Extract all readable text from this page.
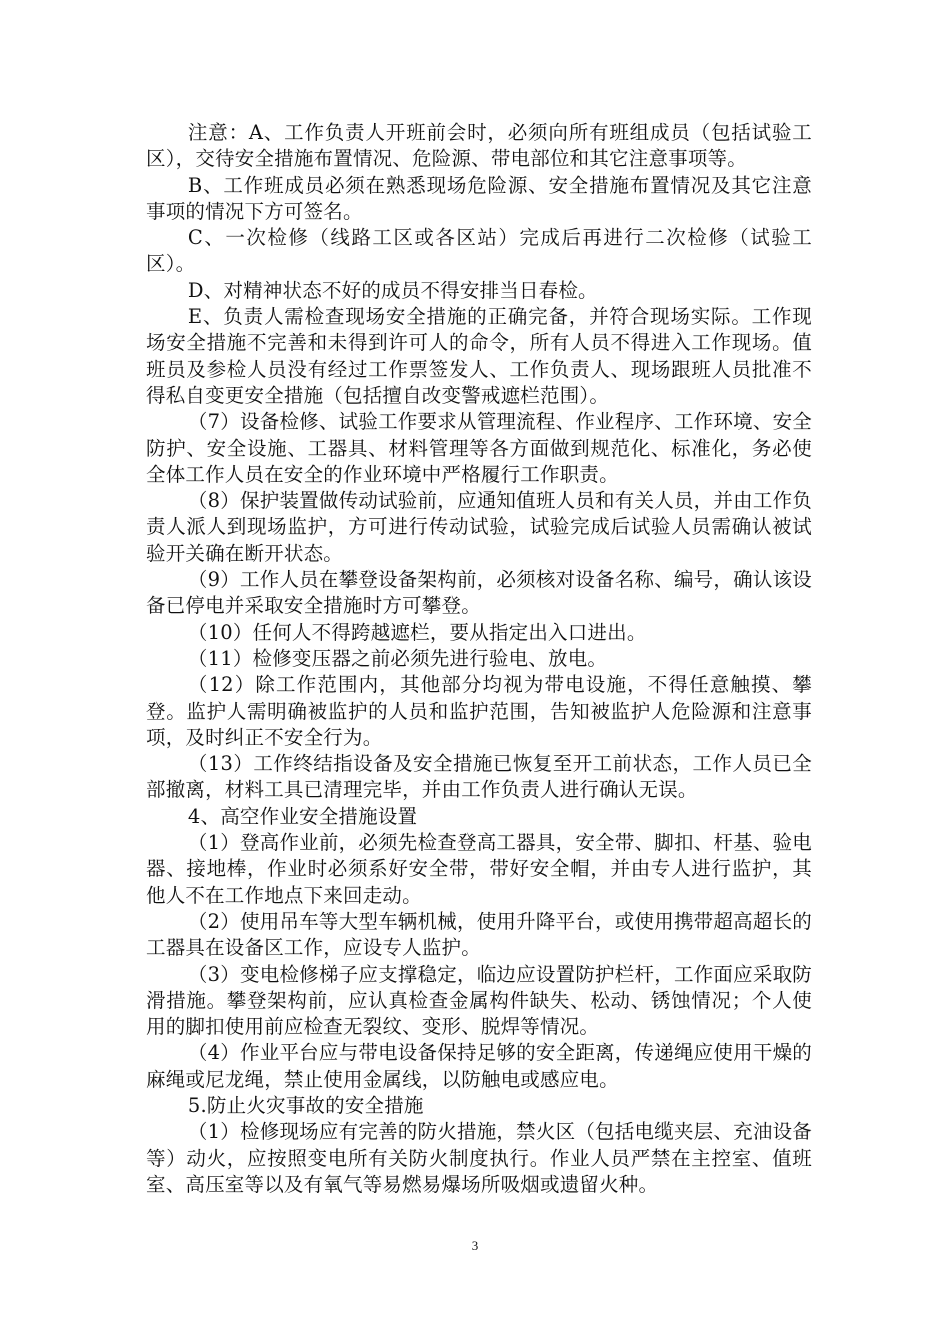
注意：A、工作负责人开班前会时，必须向所有班组成员（包括试验工区），交待安全措施布置情况、危险源、带电部位和其它注意事项等。

B、工作班成员必须在熟悉现场危险源、安全措施布置情况及其它注意事项的情况下方可签名。

C、一次检修（线路工区或各区站）完成后再进行二次检修（试验工区）。

D、对精神状态不好的成员不得安排当日春检。

E、负责人需检查现场安全措施的正确完备，并符合现场实际。工作现场安全措施不完善和未得到许可人的命令，所有人员不得进入工作现场。值班员及参检人员没有经过工作票签发人、工作负责人、现场跟班人员批准不得私自变更安全措施（包括擅自改变警戒遮栏范围）。

（7）设备检修、试验工作要求从管理流程、作业程序、工作环境、安全防护、安全设施、工器具、材料管理等各方面做到规范化、标准化，务必使全体工作人员在安全的作业环境中严格履行工作职责。

（8）保护装置做传动试验前，应通知值班人员和有关人员，并由工作负责人派人到现场监护，方可进行传动试验，试验完成后试验人员需确认被试验开关确在断开状态。

（9）工作人员在攀登设备架构前，必须核对设备名称、编号，确认该设备已停电并采取安全措施时方可攀登。

（10）任何人不得跨越遮栏，要从指定出入口进出。

（11）检修变压器之前必须先进行验电、放电。

（12）除工作范围内，其他部分均视为带电设施，不得任意触摸、攀登。监护人需明确被监护的人员和监护范围，告知被监护人危险源和注意事项，及时纠正不安全行为。

（13）工作终结指设备及安全措施已恢复至开工前状态，工作人员已全部撤离，材料工具已清理完毕，并由工作负责人进行确认无误。

4、高空作业安全措施设置

（1）登高作业前，必须先检查登高工器具，安全带、脚扣、杆基、验电器、接地棒，作业时必须系好安全带，带好安全帽，并由专人进行监护，其他人不在工作地点下来回走动。

（2）使用吊车等大型车辆机械，使用升降平台，或使用携带超高超长的工器具在设备区工作，应设专人监护。

（3）变电检修梯子应支撑稳定，临边应设置防护栏杆，工作面应采取防滑措施。攀登架构前，应认真检查金属构件缺失、松动、锈蚀情况；个人使用的脚扣使用前应检查无裂纹、变形、脱焊等情况。

（4）作业平台应与带电设备保持足够的安全距离，传递绳应使用干燥的麻绳或尼龙绳，禁止使用金属线，以防触电或感应电。

5.防止火灾事故的安全措施

（1）检修现场应有完善的防火措施，禁火区（包括电缆夹层、充油设备等）动火，应按照变电所有关防火制度执行。作业人员严禁在主控室、值班室、高压室等以及有氧气等易燃易爆场所吸烟或遗留火种。

3
